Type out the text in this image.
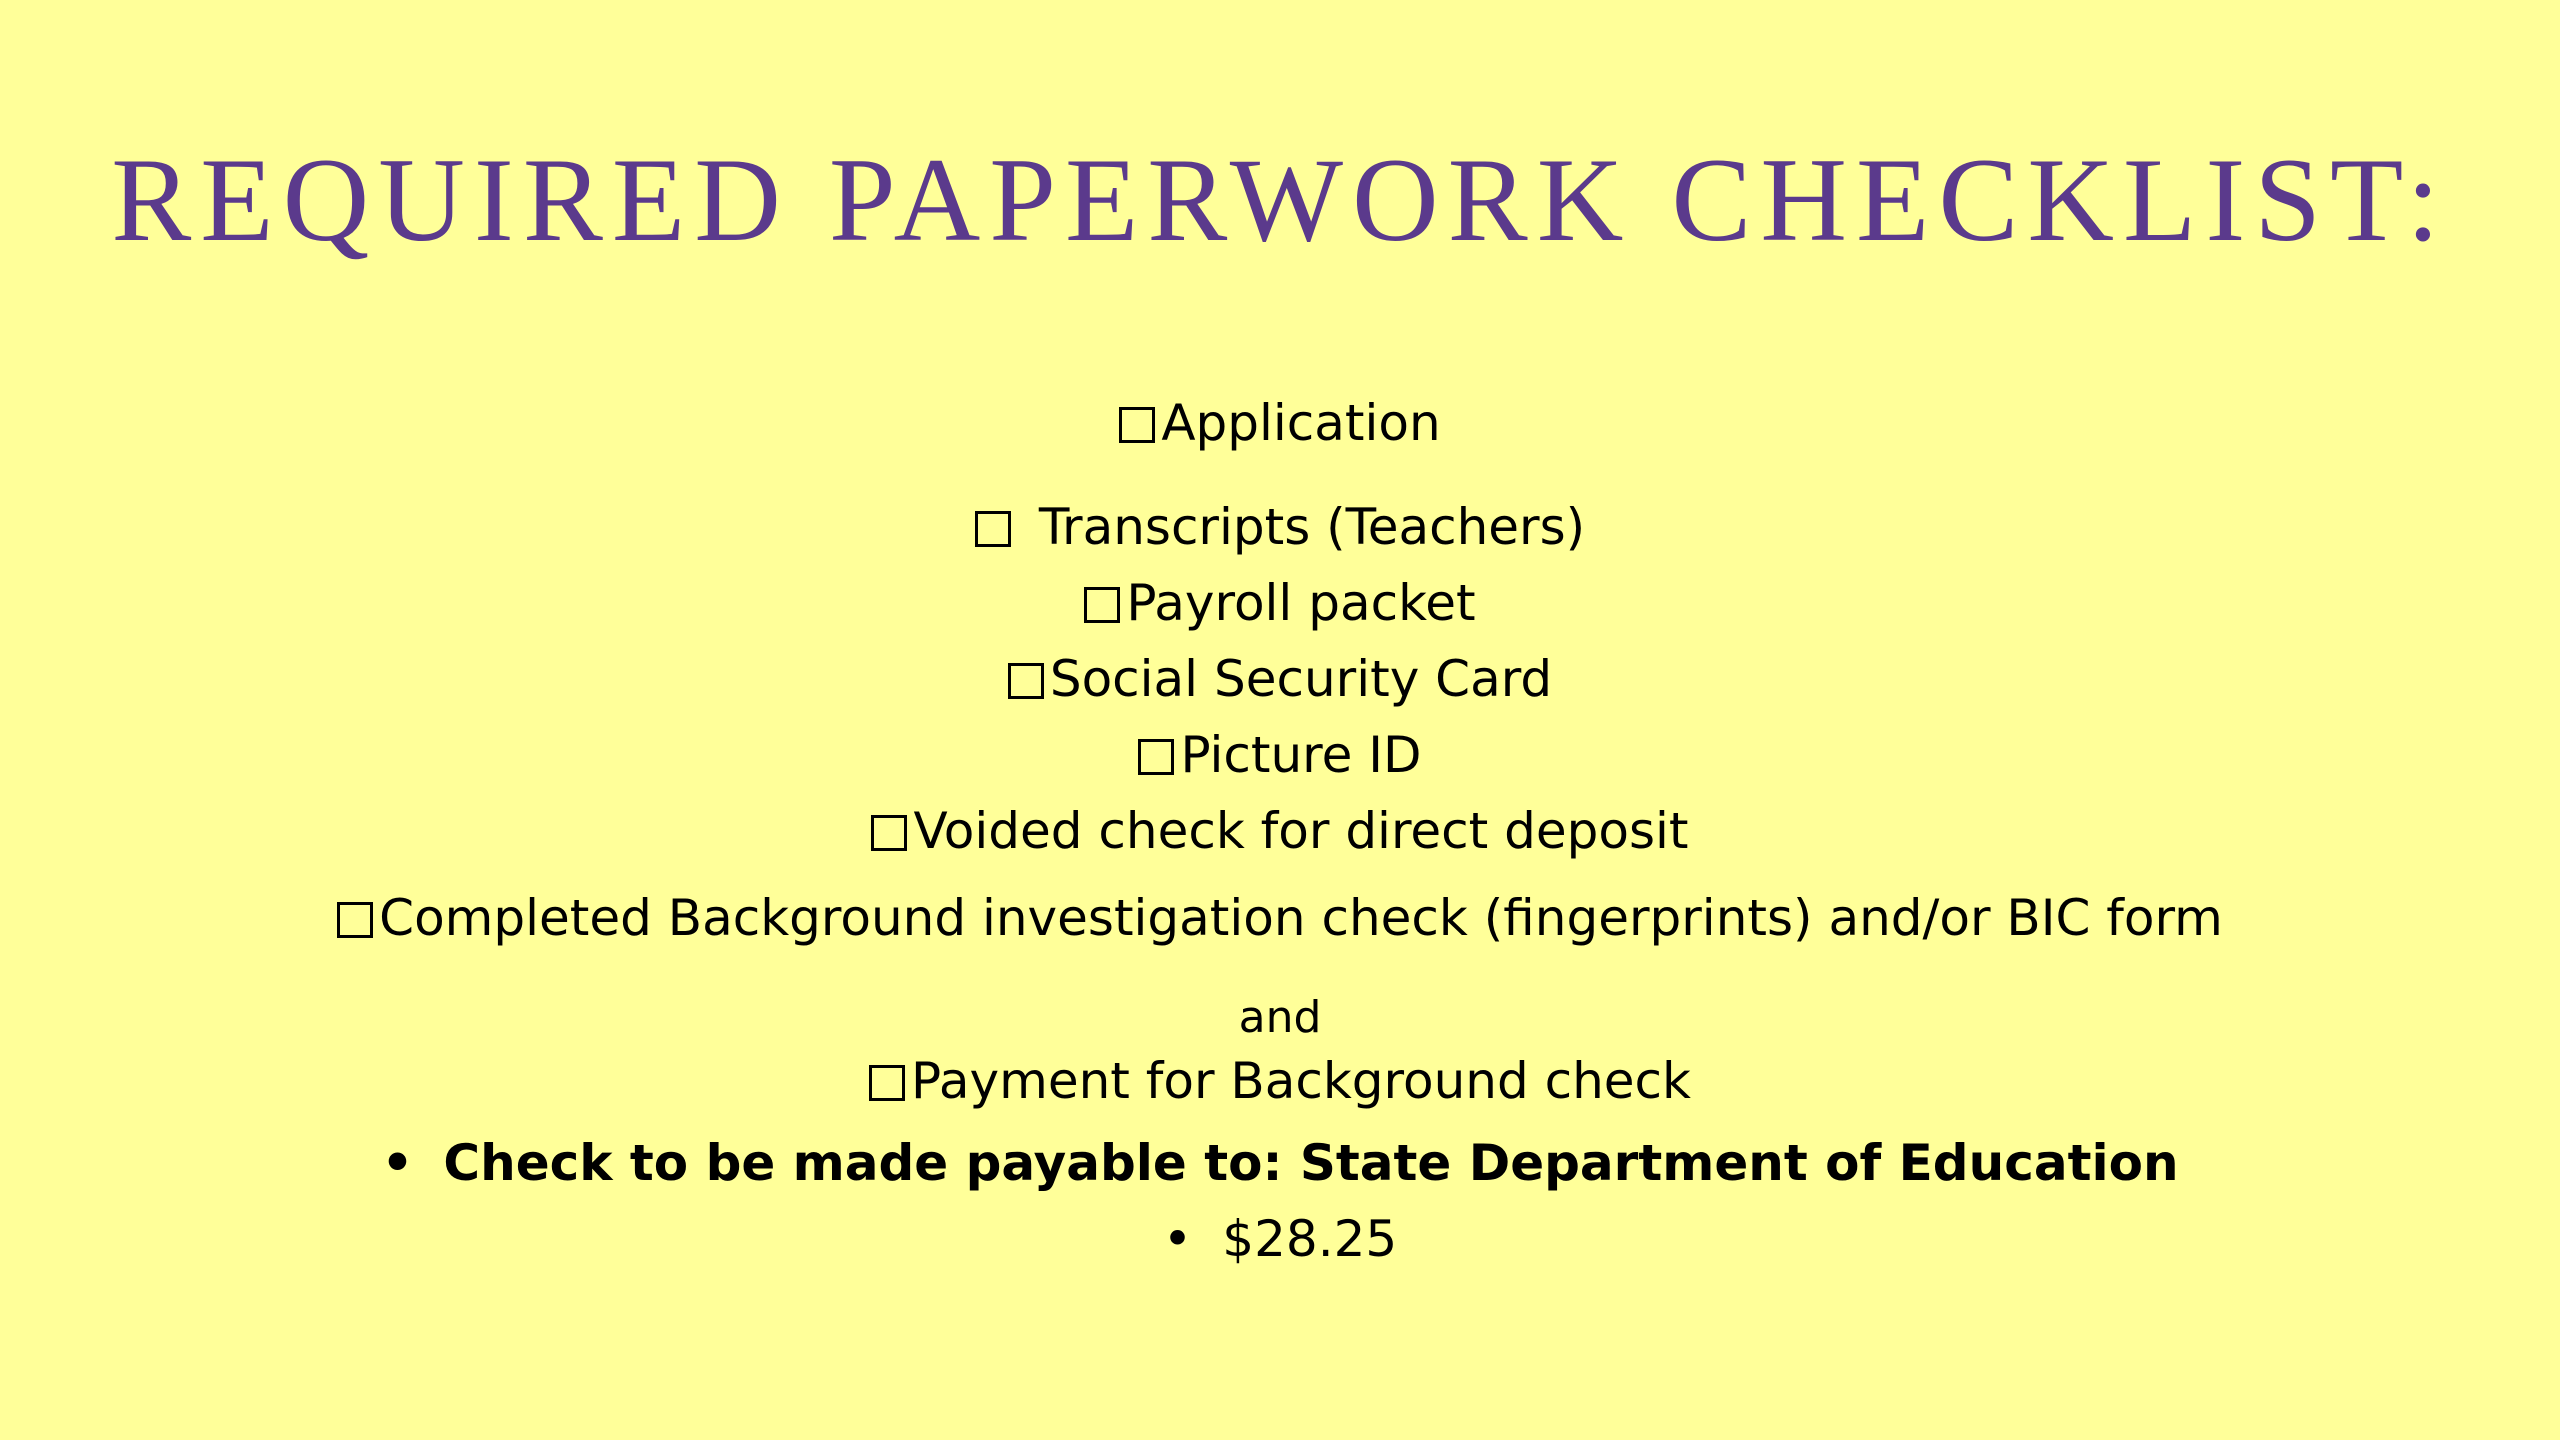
REQUIRED PAPERWORK CHECKLIST:
Application
Transcripts (Teachers)
Payroll packet
Social Security Card
Picture ID
Voided check for direct deposit
Completed Background investigation check (fingerprints) and/or BIC form
and
Payment for Background check
• Check to be made payable to: State Department of Education
• $28.25
